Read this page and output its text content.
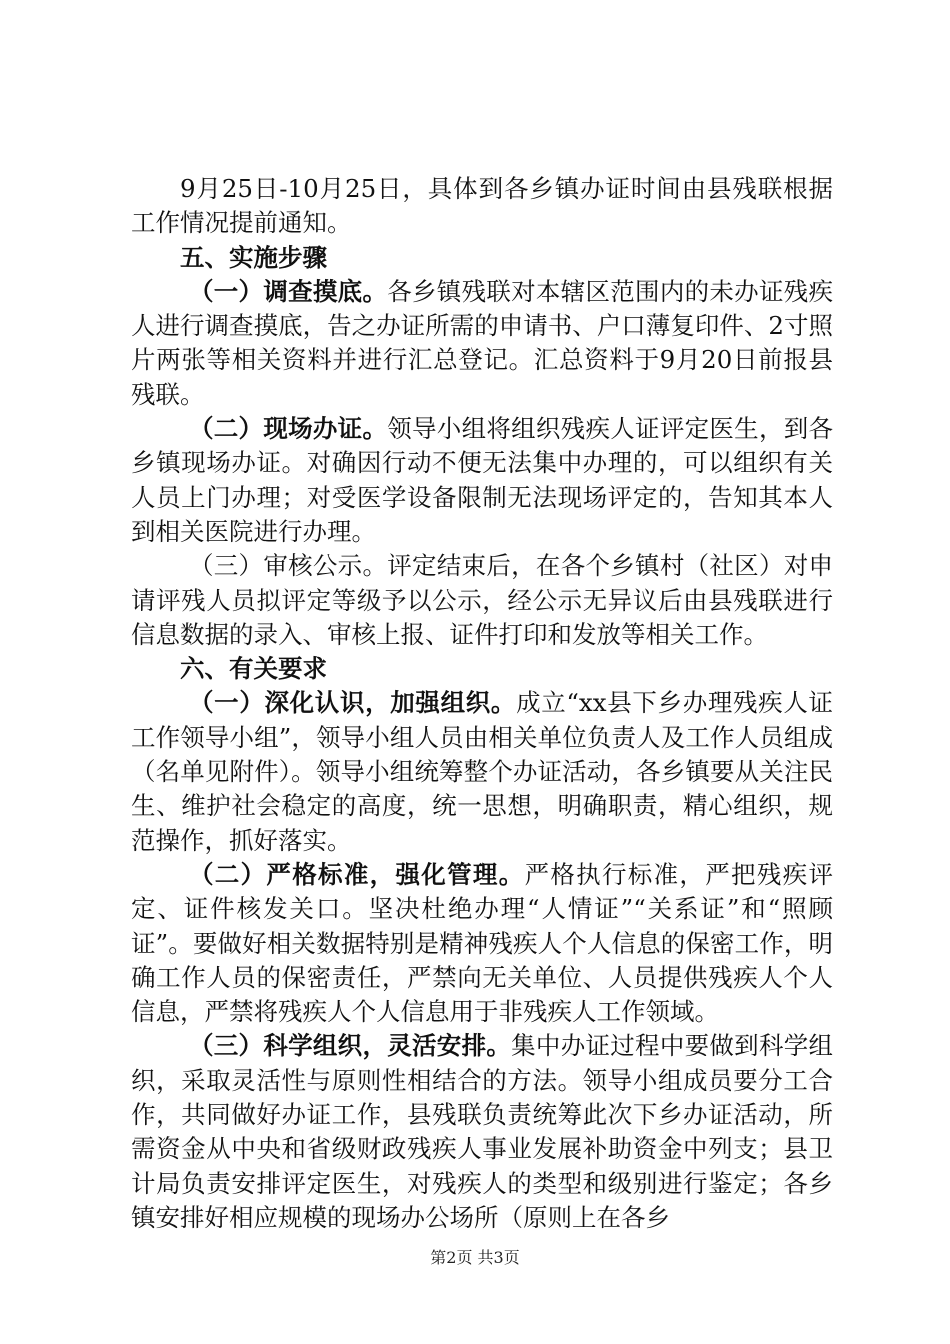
9月25日-10月25日，具体到各乡镇办证时间由县残联根据工作情况提前通知。

五、实施步骤

（一）调查摸底。各乡镇残联对本辖区范围内的未办证残疾人进行调查摸底，告之办证所需的申请书、户口薄复印件、2寸照片两张等相关资料并进行汇总登记。汇总资料于9月20日前报县残联。

（二）现场办证。领导小组将组织残疾人证评定医生，到各乡镇现场办证。对确因行动不便无法集中办理的，可以组织有关人员上门办理；对受医学设备限制无法现场评定的，告知其本人到相关医院进行办理。

（三）审核公示。评定结束后，在各个乡镇村（社区）对申请评残人员拟评定等级予以公示，经公示无异议后由县残联进行信息数据的录入、审核上报、证件打印和发放等相关工作。

六、有关要求

（一）深化认识，加强组织。成立“xx县下乡办理残疾人证工作领导小组”，领导小组人员由相关单位负责人及工作人员组成（名单见附件）。领导小组统筹整个办证活动，各乡镇要从关注民生、维护社会稳定的高度，统一思想，明确职责，精心组织，规范操作，抓好落实。

（二）严格标准，强化管理。严格执行标准，严把残疾评定、证件核发关口。坚决杜绝办理“人情证”“关系证”和“照顾证”。要做好相关数据特别是精神残疾人个人信息的保密工作，明确工作人员的保密责任，严禁向无关单位、人员提供残疾人个人信息，严禁将残疾人个人信息用于非残疾人工作领域。

（三）科学组织，灵活安排。集中办证过程中要做到科学组织，采取灵活性与原则性相结合的方法。领导小组成员要分工合作，共同做好办证工作，县残联负责统筹此次下乡办证活动，所需资金从中央和省级财政残疾人事业发展补助资金中列支；县卫计局负责安排评定医生，对残疾人的类型和级别进行鉴定；各乡镇安排好相应规模的现场办公场所（原则上在各乡

第2页 共3页
